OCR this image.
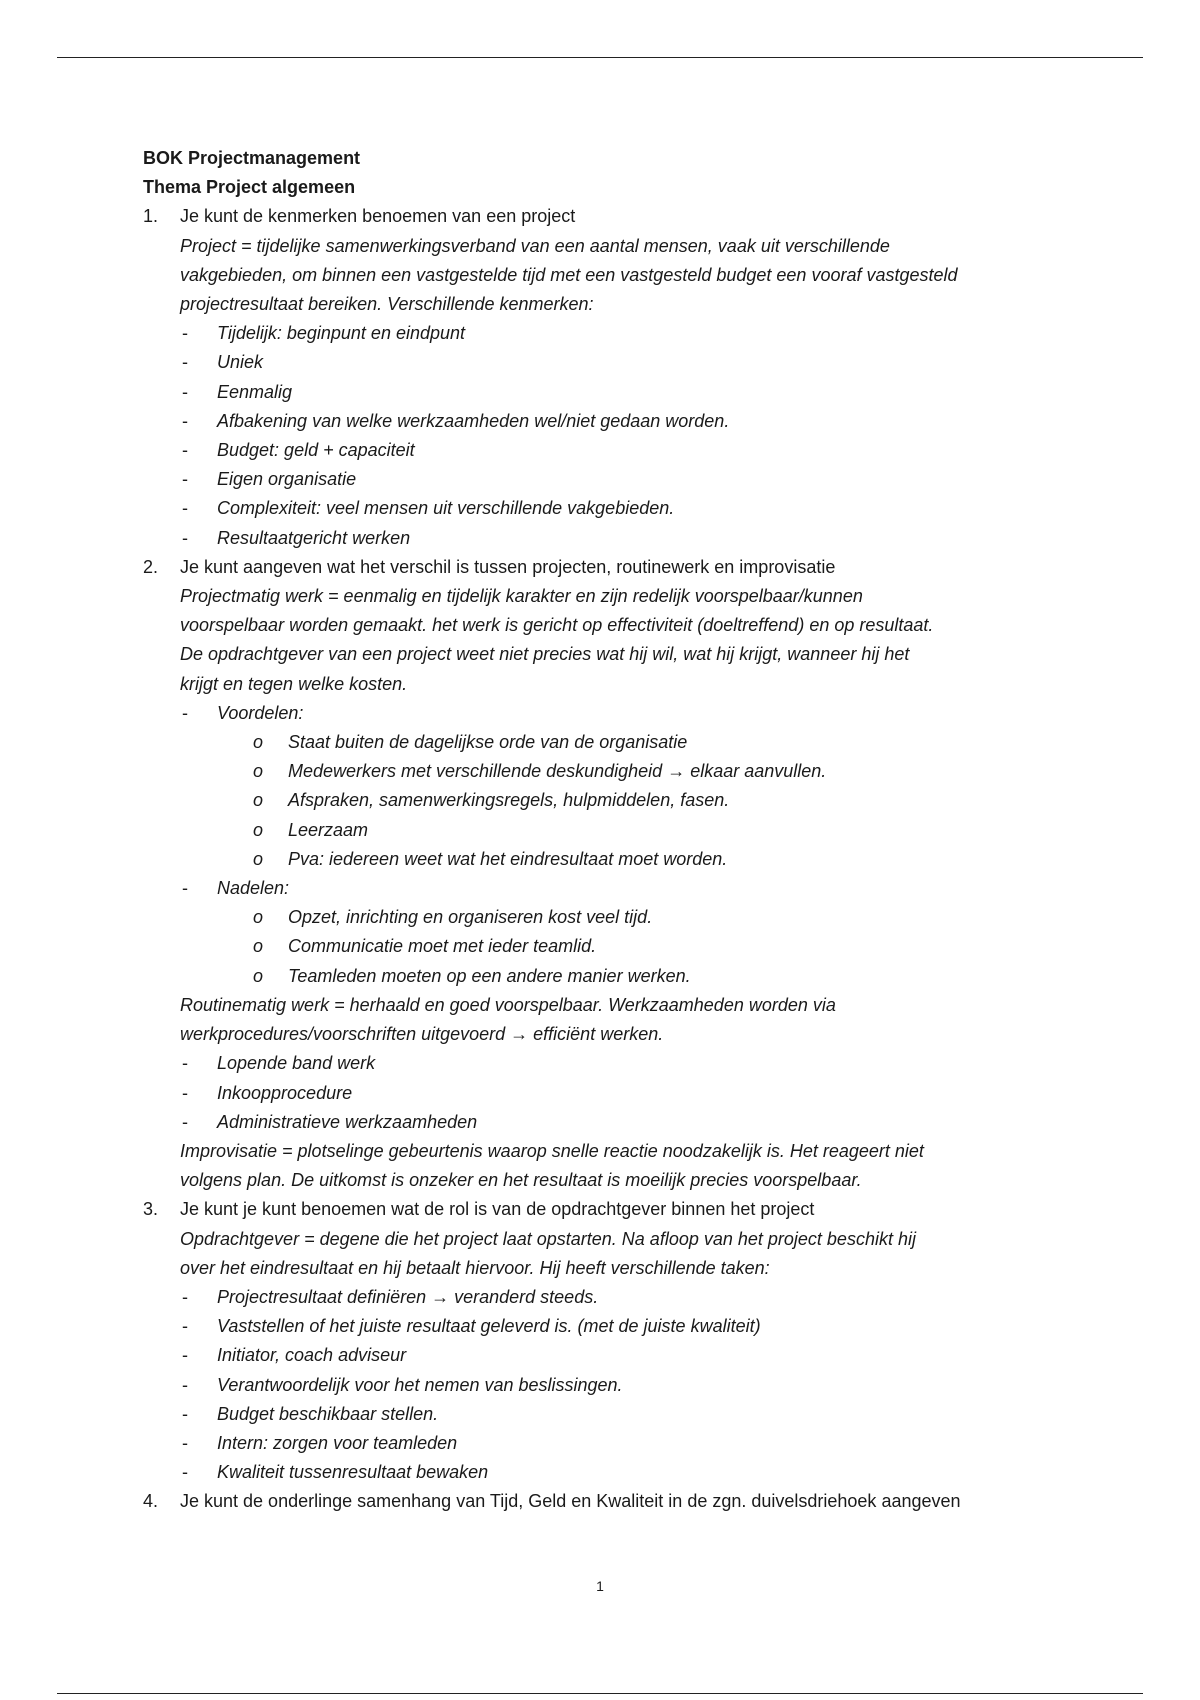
BOK Projectmanagement
Thema Project algemeen
1. Je kunt de kenmerken benoemen van een project
Project = tijdelijke samenwerkingsverband van een aantal mensen, vaak uit verschillende
vakgebieden, om binnen een vastgestelde tijd met een vastgesteld budget een vooraf vastgesteld
projectresultaat bereiken. Verschillende kenmerken:
- Tijdelijk: beginpunt en eindpunt
- Uniek
- Eenmalig
- Afbakening van welke werkzaamheden wel/niet gedaan worden.
- Budget: geld + capaciteit
- Eigen organisatie
- Complexiteit: veel mensen uit verschillende vakgebieden.
- Resultaatgericht werken
2. Je kunt aangeven wat het verschil is tussen projecten, routinewerk en improvisatie
Projectmatig werk = eenmalig en tijdelijk karakter en zijn redelijk voorspelbaar/kunnen
voorspelbaar worden gemaakt. het werk is gericht op effectiviteit (doeltreffend) en op resultaat.
De opdrachtgever van een project weet niet precies wat hij wil, wat hij krijgt, wanneer hij het
krijgt en tegen welke kosten.
- Voordelen:
o Staat buiten de dagelijkse orde van de organisatie
o Medewerkers met verschillende deskundigheid → elkaar aanvullen.
o Afspraken, samenwerkingsregels, hulpmiddelen, fasen.
o Leerzaam
o Pva: iedereen weet wat het eindresultaat moet worden.
- Nadelen:
o Opzet, inrichting en organiseren kost veel tijd.
o Communicatie moet met ieder teamlid.
o Teamleden moeten op een andere manier werken.
Routinematig werk = herhaald en goed voorspelbaar. Werkzaamheden worden via
werkprocedures/voorschriften uitgevoerd → efficiënt werken.
- Lopende band werk
- Inkoopprocedure
- Administratieve werkzaamheden
Improvisatie = plotselinge gebeurtenis waarop snelle reactie noodzakelijk is. Het reageert niet
volgens plan. De uitkomst is onzeker en het resultaat is moeilijk precies voorspelbaar.
3. Je kunt je kunt benoemen wat de rol is van de opdrachtgever binnen het project
Opdrachtgever = degene die het project laat opstarten. Na afloop van het project beschikt hij
over het eindresultaat en hij betaalt hiervoor. Hij heeft verschillende taken:
- Projectresultaat definiëren → veranderd steeds.
- Vaststellen of het juiste resultaat geleverd is. (met de juiste kwaliteit)
- Initiator, coach adviseur
- Verantwoordelijk voor het nemen van beslissingen.
- Budget beschikbaar stellen.
- Intern: zorgen voor teamleden
- Kwaliteit tussenresultaat bewaken
4. Je kunt de onderlinge samenhang van Tijd, Geld en Kwaliteit in de zgn. duivelsdriehoek aangeven
1
